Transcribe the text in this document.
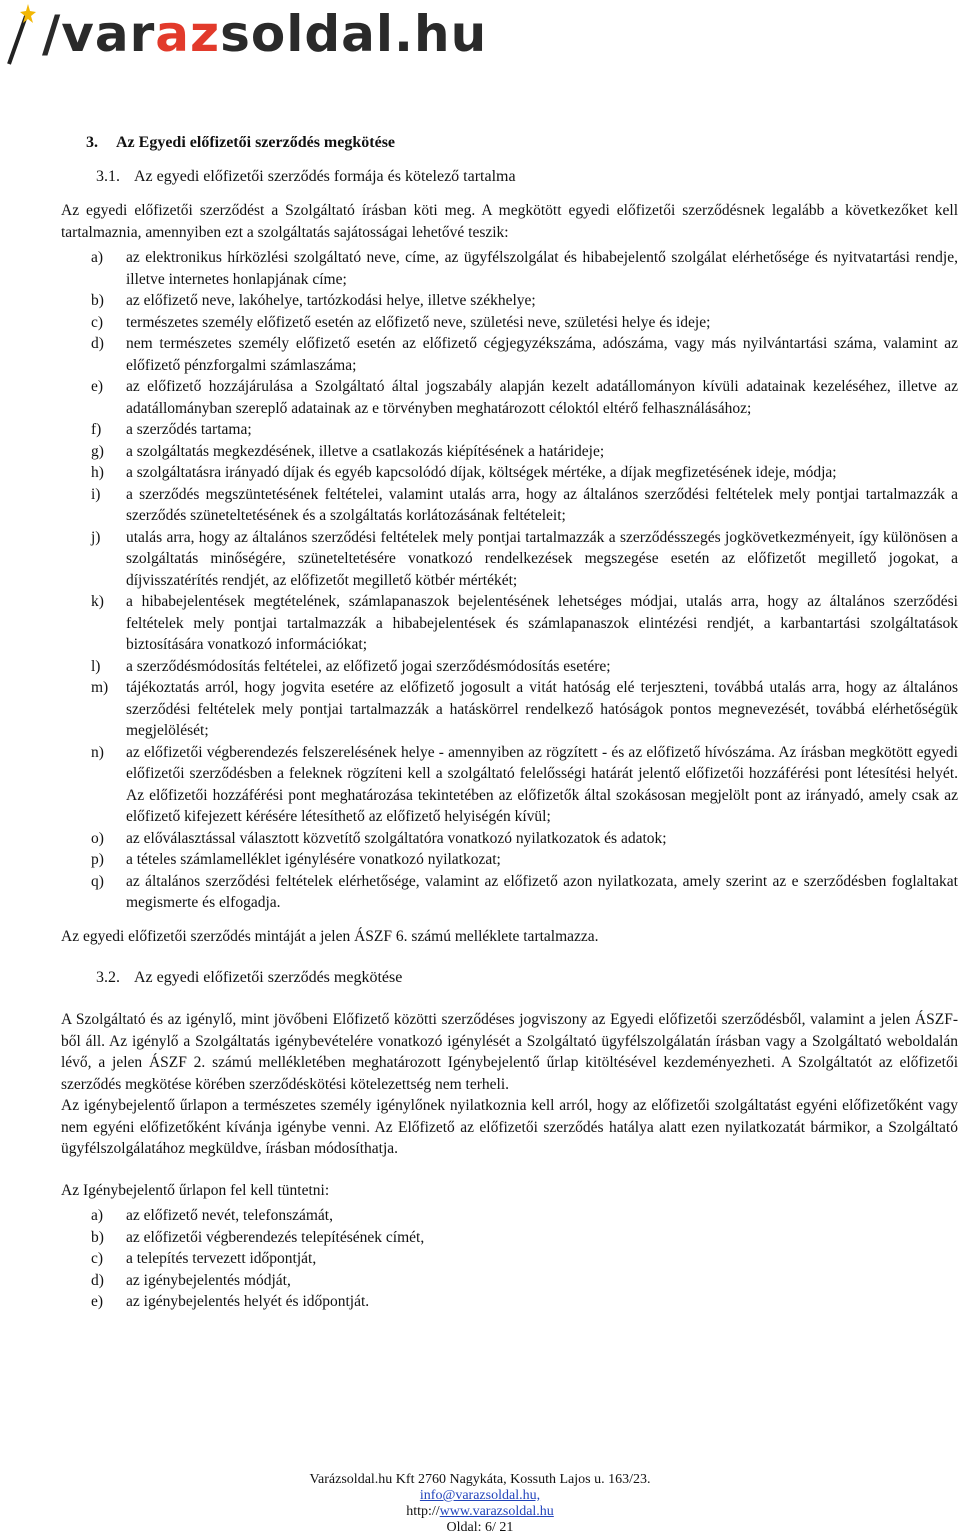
/varazsoldal.hu
3. Az Egyedi előfizetői szerződés megkötése
3.1. Az egyedi előfizetői szerződés formája és kötelező tartalma

Az egyedi előfizetői szerződést a Szolgáltató írásban köti meg. A megkötött egyedi előfizetői szerződésnek legalább a következőket kell tartalmaznia, amennyiben ezt a szolgáltatás sajátosságai lehetővé teszik:

a) az elektronikus hírközlési szolgáltató neve, címe, az ügyfélszolgálat és hibabejelentő szolgálat elérhetősége és nyitvatartási rendje, illetve internetes honlapjának címe;
b) az előfizető neve, lakóhelye, tartózkodási helye, illetve székhelye;
c) természetes személy előfizető esetén az előfizető neve, születési neve, születési helye és ideje;
d) nem természetes személy előfizető esetén az előfizető cégjegyzékszáma, adószáma, vagy más nyilvántartási száma, valamint az előfizető pénzforgalmi számlaszáma;
e) az előfizető hozzájárulása a Szolgáltató által jogszabály alapján kezelt adatállományon kívüli adatainak kezeléséhez, illetve az adatállományban szereplő adatainak az e törvényben meghatározott céloktól eltérő felhasználásához;
f) a szerződés tartama;
g) a szolgáltatás megkezdésének, illetve a csatlakozás kiépítésének a határideje;
h) a szolgáltatásra irányadó díjak és egyéb kapcsolódó díjak, költségek mértéke, a díjak megfizetésének ideje, módja;
i) a szerződés megszüntetésének feltételei, valamint utalás arra, hogy az általános szerződési feltételek mely pontjai tartalmazzák a szerződés szüneteltetésének és a szolgáltatás korlátozásának feltételeit;
j) utalás arra, hogy az általános szerződési feltételek mely pontjai tartalmazzák a szerződésszegés jogkövetkezményeit, így különösen a szolgáltatás minőségére, szüneteltetésére vonatkozó rendelkezések megszegése esetén az előfizetőt megillető jogokat, a díjvisszatérítés rendjét, az előfizetőt megillető kötbér mértékét;
k) a hibabejelentések megtételének, számlapanaszok bejelentésének lehetséges módjai, utalás arra, hogy az általános szerződési feltételek mely pontjai tartalmazzák a hibabejelentések és számlapanaszok elintézési rendjét, a karbantartási szolgáltatások biztosítására vonatkozó információkat;
l) a szerződésmódosítás feltételei, az előfizető jogai szerződésmódosítás esetére;
m) tájékoztatás arról, hogy jogvita esetére az előfizető jogosult a vitát hatóság elé terjeszteni, továbbá utalás arra, hogy az általános szerződési feltételek mely pontjai tartalmazzák a hatáskörrel rendelkező hatóságok pontos megnevezését, továbbá elérhetőségük megjelölését;
n) az előfizetői végberendezés felszerelésének helye - amennyiben az rögzített - és az előfizető hívószáma. Az írásban megkötött egyedi előfizetői szerződésben a feleknek rögzíteni kell a szolgáltató felelősségi határát jelentő előfizetői hozzáférési pont létesítési helyét. Az előfizetői hozzáférési pont meghatározása tekintetében az előfizetők által szokásosan megjelölt pont az irányadó, amely csak az előfizető kifejezett kérésére létesíthető az előfizető helyiségén kívül;
o) az előválasztással választott közvetítő szolgáltatóra vonatkozó nyilatkozatok és adatok;
p) a tételes számlamelléklet igénylésére vonatkozó nyilatkozat;
q) az általános szerződési feltételek elérhetősége, valamint az előfizető azon nyilatkozata, amely szerint az e szerződésben foglaltakat megismerte és elfogadja.

Az egyedi előfizetői szerződés mintáját a jelen ÁSZF 6. számú melléklete tartalmazza.

3.2. Az egyedi előfizetői szerződés megkötése

A Szolgáltató és az igénylő, mint jövőbeni Előfizető közötti szerződéses jogviszony az Egyedi előfizetői szerződésből, valamint a jelen ÁSZF-ből áll. Az igénylő a Szolgáltatás igénybevételére vonatkozó igénylését a Szolgáltató ügyfélszolgálatán írásban vagy a Szolgáltató weboldalán lévő, a jelen ÁSZF 2. számú mellékletében meghatározott Igénybejelentő űrlap kitöltésével kezdeményezheti. A Szolgáltatót az előfizetői szerződés megkötése körében szerződéskötési kötelezettség nem terheli.

Az igénybejelentő űrlapon a természetes személy igénylőnek nyilatkoznia kell arról, hogy az előfizetői szolgáltatást egyéni előfizetőként vagy nem egyéni előfizetőként kívánja igénybe venni. Az Előfizető az előfizetői szerződés hatálya alatt ezen nyilatkozatát bármikor, a Szolgáltató ügyfélszolgálatához megküldve, írásban módosíthatja.

Az Igénybejelentő űrlapon fel kell tüntetni:

a) az előfizető nevét, telefonszámát,
b) az előfizetői végberendezés telepítésének címét,
c) a telepítés tervezett időpontját,
d) az igénybejelentés módját,
e) az igénybejelentés helyét és időpontját.
Varázsoldal.hu Kft 2760 Nagykáta, Kossuth Lajos u. 163/23.
info@varazsoldal.hu,
http://www.varazsoldal.hu
Oldal: 6/ 21
